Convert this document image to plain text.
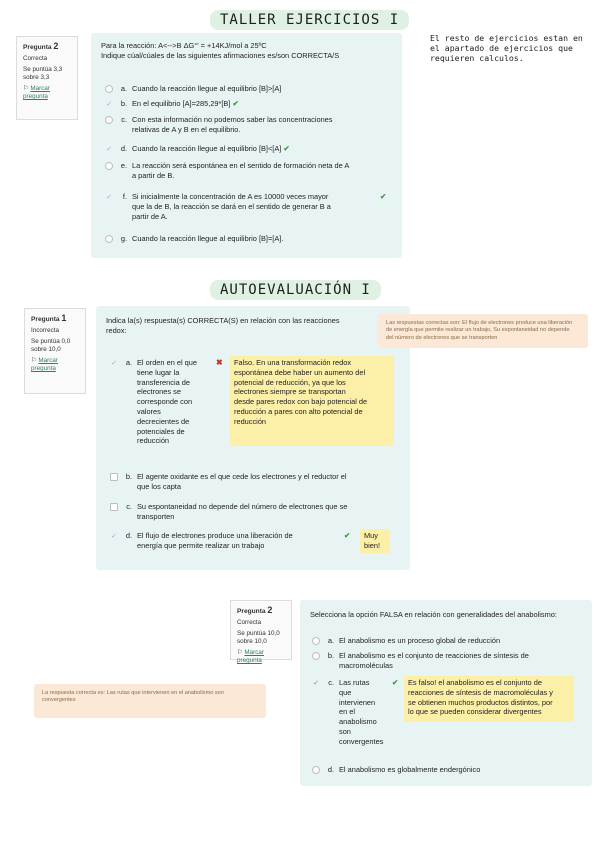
TALLER EJERCICIOS I
AUTOEVALUACIÓN I
El resto de ejercicios estan en
el apartado de ejercicios que
requieren calculos.
Pregunta 2
Correcta
Se puntúa 3,3
sobre 3,3
⚐ Marcar
pregunta
Para la reacción: A<-->B ΔG°' = +14KJ/mol a 25ºC
Indique cúal/cúales de las siguientes afirmaciones es/son CORRECTA/S
a. Cuando la reacción llegue al equilibrio [B]>[A]
✓	b. En el equilibrio [A]=285,29*[B] ✔
c. Con esta información no podemos saber las concentraciones
relativas de A y B en el equilibrio.
✓	d. Cuando la reacción llegue al equilibrio [B]<[A] ✔
e. La reacción será espontánea en el sentido de formación neta de A
a partir de B.
✓	f. Si inicialmente la concentración de A es 10000 veces mayor
que la de B, la reacción se dará en el sentido de generar B a
partir de A.
✔
g. Cuando la reacción llegue al equilibrio [B]=[A].
Pregunta 1
Incorrecta
Se puntúa 0,0
sobre 10,0
⚐ Marcar
pregunta
Indica la(s) respuesta(s) CORRECTA(S) en relación con las reacciones
redox:
✓	a. El orden en el que
tiene lugar la
transferencia de
electrones se
corresponde con
valores
decrecientes de
potenciales de
reducción
✖ Falso. En una transformación redox
espontánea debe haber un aumento del
potencial de reducción, ya que los
electrones siempre se transportan
desde pares redox con bajo potencial de
reducción a pares con alto potencial de
reducción
b. El agente oxidante es el que cede los electrones y el reductor el
que los capta
c. Su espontaneidad no depende del número de electrones que se
transporten
✓	d. El flujo de electrones produce una liberación de
energía que permite realizar un trabajo
✔ Muy
bien!
Las respuestas correctas son: El flujo de electrones produce una liberación
de energía que permite realizar un trabajo, Su espontaneidad no depende
del número de electrones que se transporten
Pregunta 2
Correcta
Se puntúa 10,0
sobre 10,0
⚐ Marcar
pregunta
La respuesta correcta es: Las rutas que intervienen en el anabolismo son
convergentes
Selecciona la opción FALSA en relación con generalidades del anabolismo:
a. El anabolismo es un proceso global de reducción
b. El anabolismo es el conjunto de reacciones de síntesis de
macromoléculas
✓	c. Las rutas
que
intervienen
en el
anabolismo
son
convergentes
✔ Es falso! el anabolismo es el conjunto de
reacciones de síntesis de macromoléculas y
se obtienen muchos productos distintos, por
lo que se pueden considerar divergentes
d. El anabolismo es globalmente endergónico
